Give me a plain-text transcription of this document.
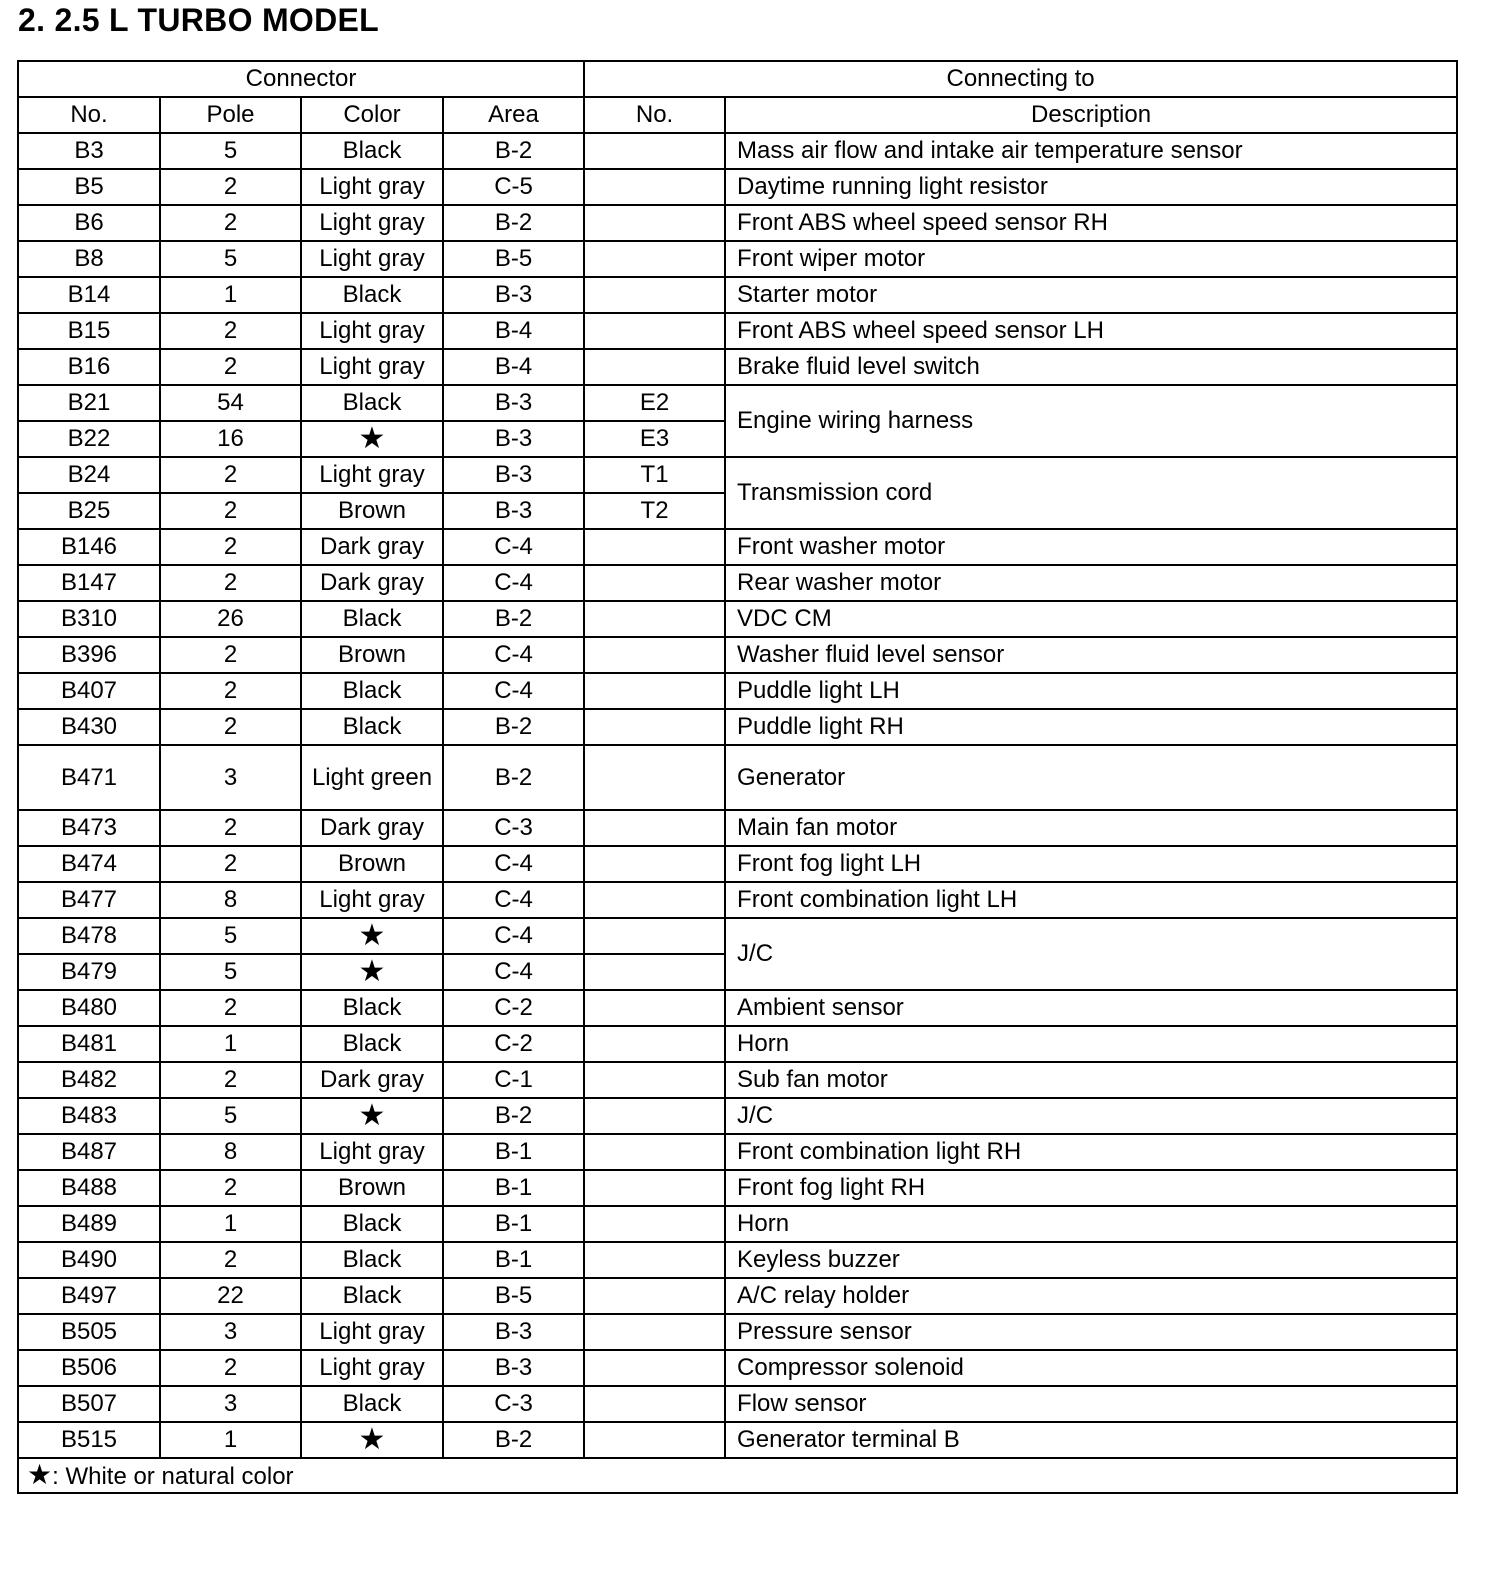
2. 2.5 L TURBO MODEL
Connector				Connecting to	
No.	Pole	Color	Area	No.	Description
B3	5	Black	B-2		Mass air flow and intake air temperature sensor
B5	2	Light gray	C-5		Daytime running light resistor
B6	2	Light gray	B-2		Front ABS wheel speed sensor RH
B8	5	Light gray	B-5		Front wiper motor
B14	1	Black	B-3		Starter motor
B15	2	Light gray	B-4		Front ABS wheel speed sensor LH
B16	2	Light gray	B-4		Brake fluid level switch
B21	54	Black	B-3	E2	Engine wiring harness
B22	16	★	B-3	E3	
B24	2	Light gray	B-3	T1	Transmission cord
B25	2	Brown	B-3	T2	
B146	2	Dark gray	C-4		Front washer motor
B147	2	Dark gray	C-4		Rear washer motor
B310	26	Black	B-2		VDC CM
B396	2	Brown	C-4		Washer fluid level sensor
B407	2	Black	C-4		Puddle light LH
B430	2	Black	B-2		Puddle light RH
B471	3	Light green	B-2		Generator
B473	2	Dark gray	C-3		Main fan motor
B474	2	Brown	C-4		Front fog light LH
B477	8	Light gray	C-4		Front combination light LH
B478	5	★	C-4		J/C
B479	5	★	C-4		
B480	2	Black	C-2		Ambient sensor
B481	1	Black	C-2		Horn
B482	2	Dark gray	C-1		Sub fan motor
B483	5	★	B-2		J/C
B487	8	Light gray	B-1		Front combination light RH
B488	2	Brown	B-1		Front fog light RH
B489	1	Black	B-1		Horn
B490	2	Black	B-1		Keyless buzzer
B497	22	Black	B-5		A/C relay holder
B505	3	Light gray	B-3		Pressure sensor
B506	2	Light gray	B-3		Compressor solenoid
B507	3	Black	C-3		Flow sensor
B515	1	★	B-2		Generator terminal B
★: White or natural color					
